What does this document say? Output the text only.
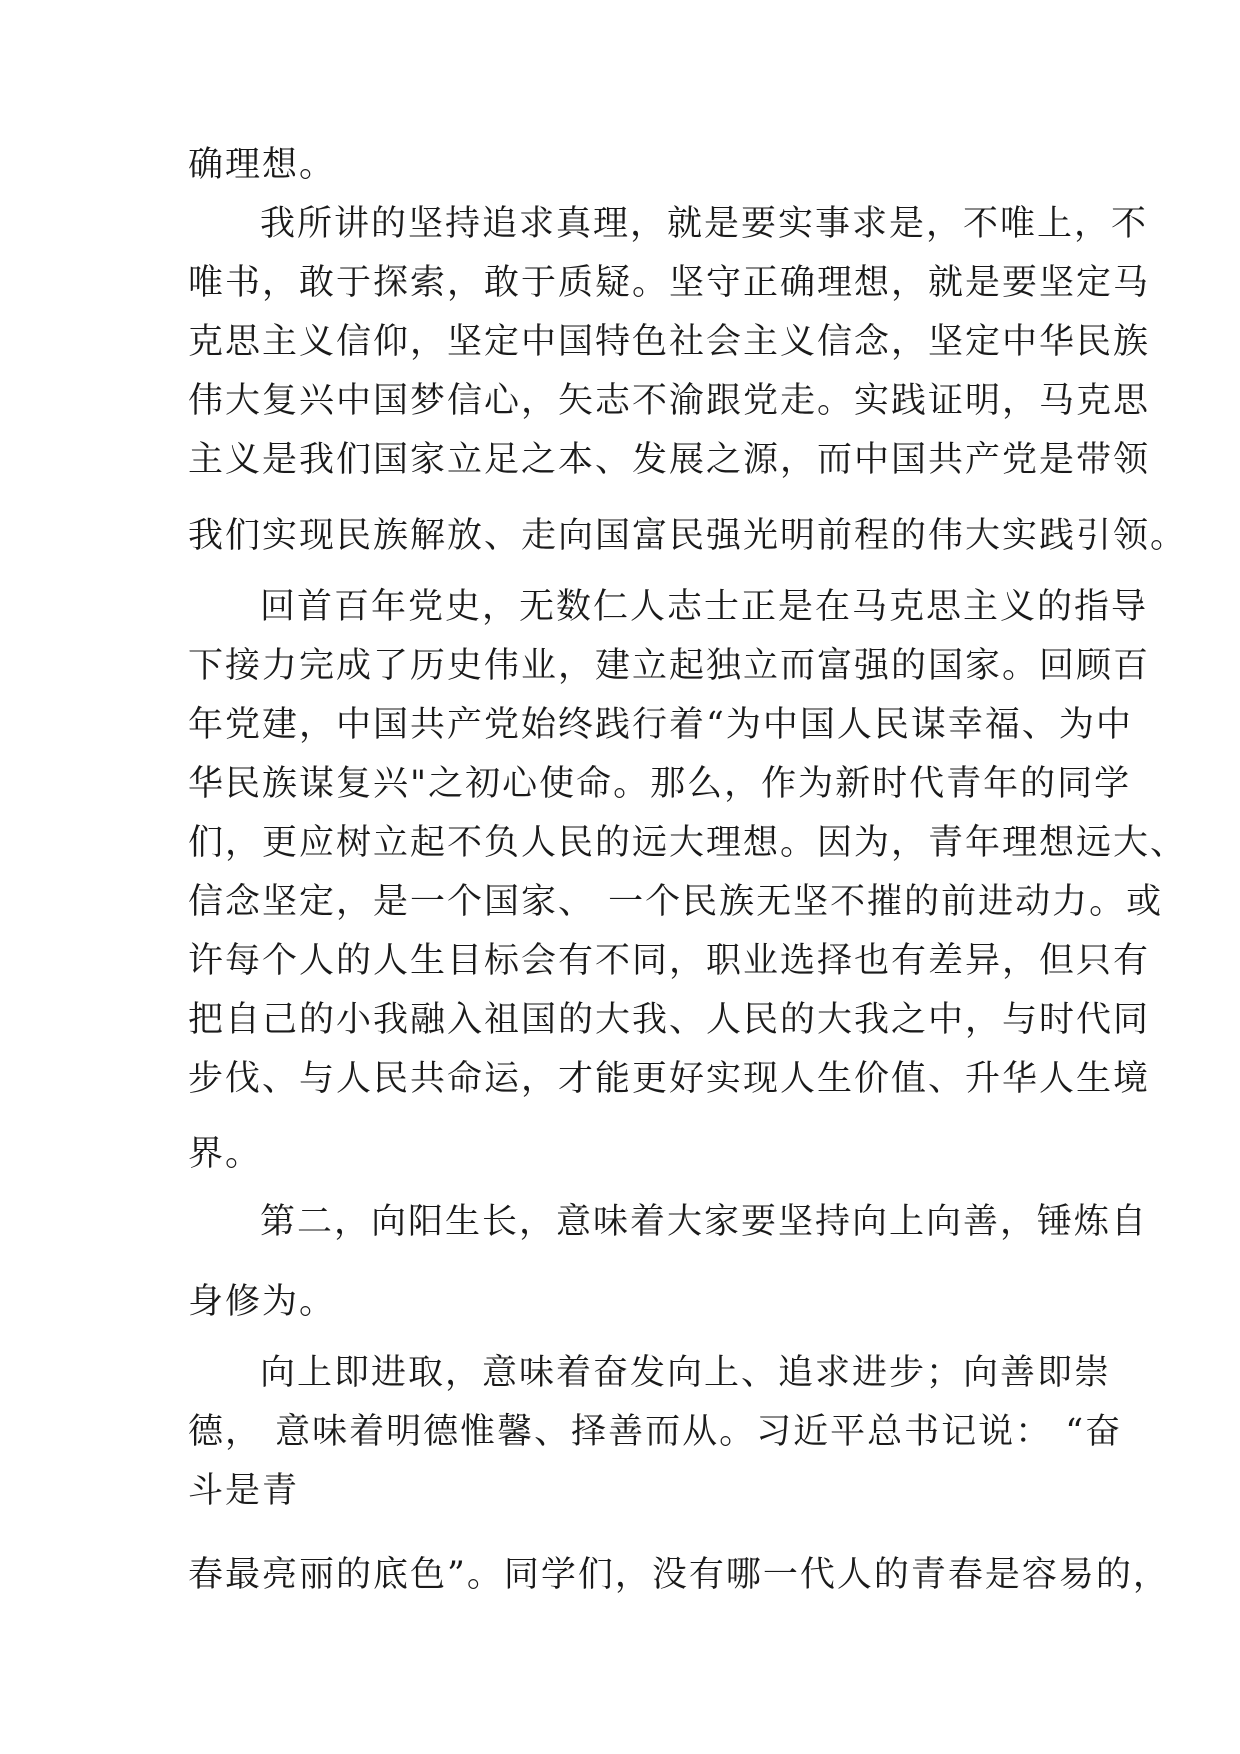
确理想。
我所讲的坚持追求真理，就是要实事求是，不唯上，不
唯书，敢于探索，敢于质疑。坚守正确理想，就是要坚定马
克思主义信仰，坚定中国特色社会主义信念，坚定中华民族
伟大复兴中国梦信心，矢志不渝跟党走。实践证明，马克思
主义是我们国家立足之本、发展之源，而中国共产党是带领
我们实现民族解放、走向国富民强光明前程的伟大实践引领。
回首百年党史，无数仁人志士正是在马克思主义的指导
下接力完成了历史伟业，建立起独立而富强的国家。回顾百
年党建，中国共产党始终践行着“为中国人民谋幸福、为中
华民族谋复兴"之初心使命。那么，作为新时代青年的同学
们，更应树立起不负人民的远大理想。因为，青年理想远大、
信念坚定，是一个国家、 一个民族无坚不摧的前进动力。或
许每个人的人生目标会有不同，职业选择也有差异，但只有
把自己的小我融入祖国的大我、人民的大我之中，与时代同
步伐、与人民共命运，才能更好实现人生价值、升华人生境
界。
第二，向阳生长，意味着大家要坚持向上向善，锤炼自
身修为。
向上即进取，意味着奋发向上、追求进步；向善即崇
德， 意味着明德惟馨、择善而从。习近平总书记说： “奋
斗是青
春最亮丽的底色”。同学们，没有哪一代人的青春是容易的，
